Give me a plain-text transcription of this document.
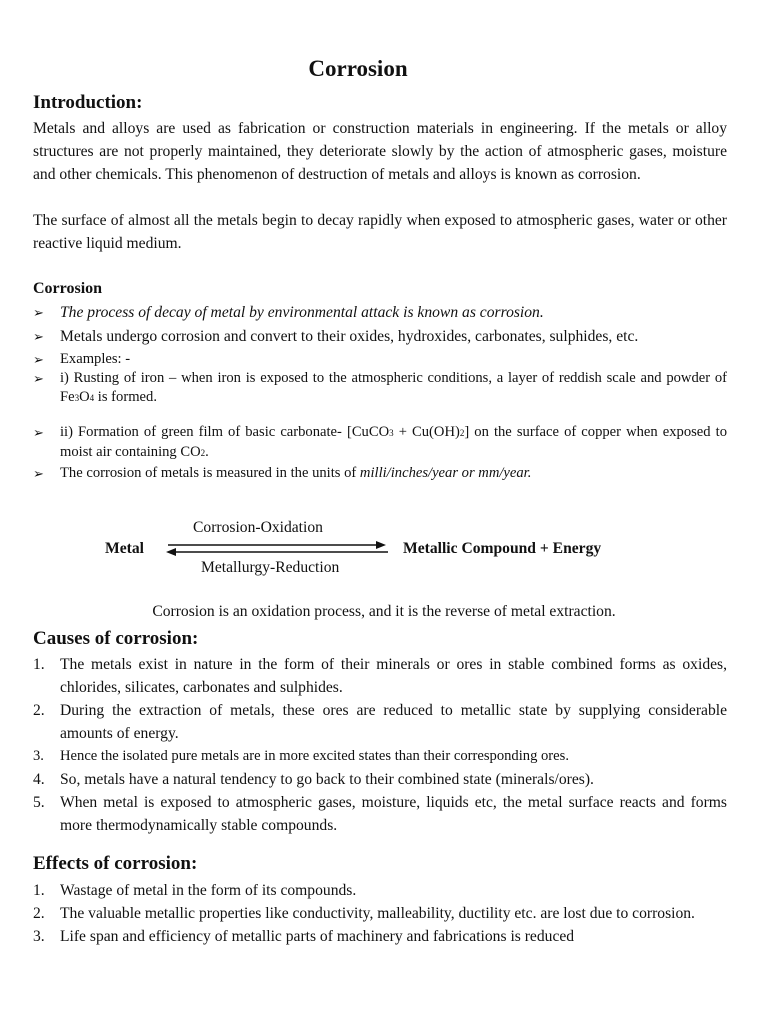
Corrosion
Introduction:

Metals and alloys are used as fabrication or construction materials in engineering. If the metals or alloy structures are not properly maintained, they deteriorate slowly by the action of atmospheric gases, moisture and other chemicals. This phenomenon of destruction of metals and alloys is known as corrosion.

The surface of almost all the metals begin to decay rapidly when exposed to atmospheric gases, water or other reactive liquid medium.

Corrosion
➢ The process of decay of metal by environmental attack is known as corrosion.
➢ Metals undergo corrosion and convert to their oxides, hydroxides, carbonates, sulphides, etc.
➢ Examples: -
➢ i) Rusting of iron – when iron is exposed to the atmospheric conditions, a layer of reddish scale and powder of Fe3O4 is formed.
➢ ii) Formation of green film of basic carbonate- [CuCO3 + Cu(OH)2] on the surface of copper when exposed to moist air containing CO2.
➢ The corrosion of metals is measured in the units of milli/inches/year or mm/year.
Corrosion-Oxidation
Metal	Metallic Compound + Energy
Metallurgy-Reduction

Corrosion is an oxidation process, and it is the reverse of metal extraction.

Causes of corrosion:
1. The metals exist in nature in the form of their minerals or ores in stable combined forms as oxides, chlorides, silicates, carbonates and sulphides.
2. During the extraction of metals, these ores are reduced to metallic state by supplying considerable amounts of energy.
3. Hence the isolated pure metals are in more excited states than their corresponding ores.
4. So, metals have a natural tendency to go back to their combined state (minerals/ores).
5. When metal is exposed to atmospheric gases, moisture, liquids etc, the metal surface reacts and forms more thermodynamically stable compounds.
Effects of corrosion:
1. Wastage of metal in the form of its compounds.
2. The valuable metallic properties like conductivity, malleability, ductility etc. are lost due to corrosion.
3. Life span and efficiency of metallic parts of machinery and fabrications is reduced
